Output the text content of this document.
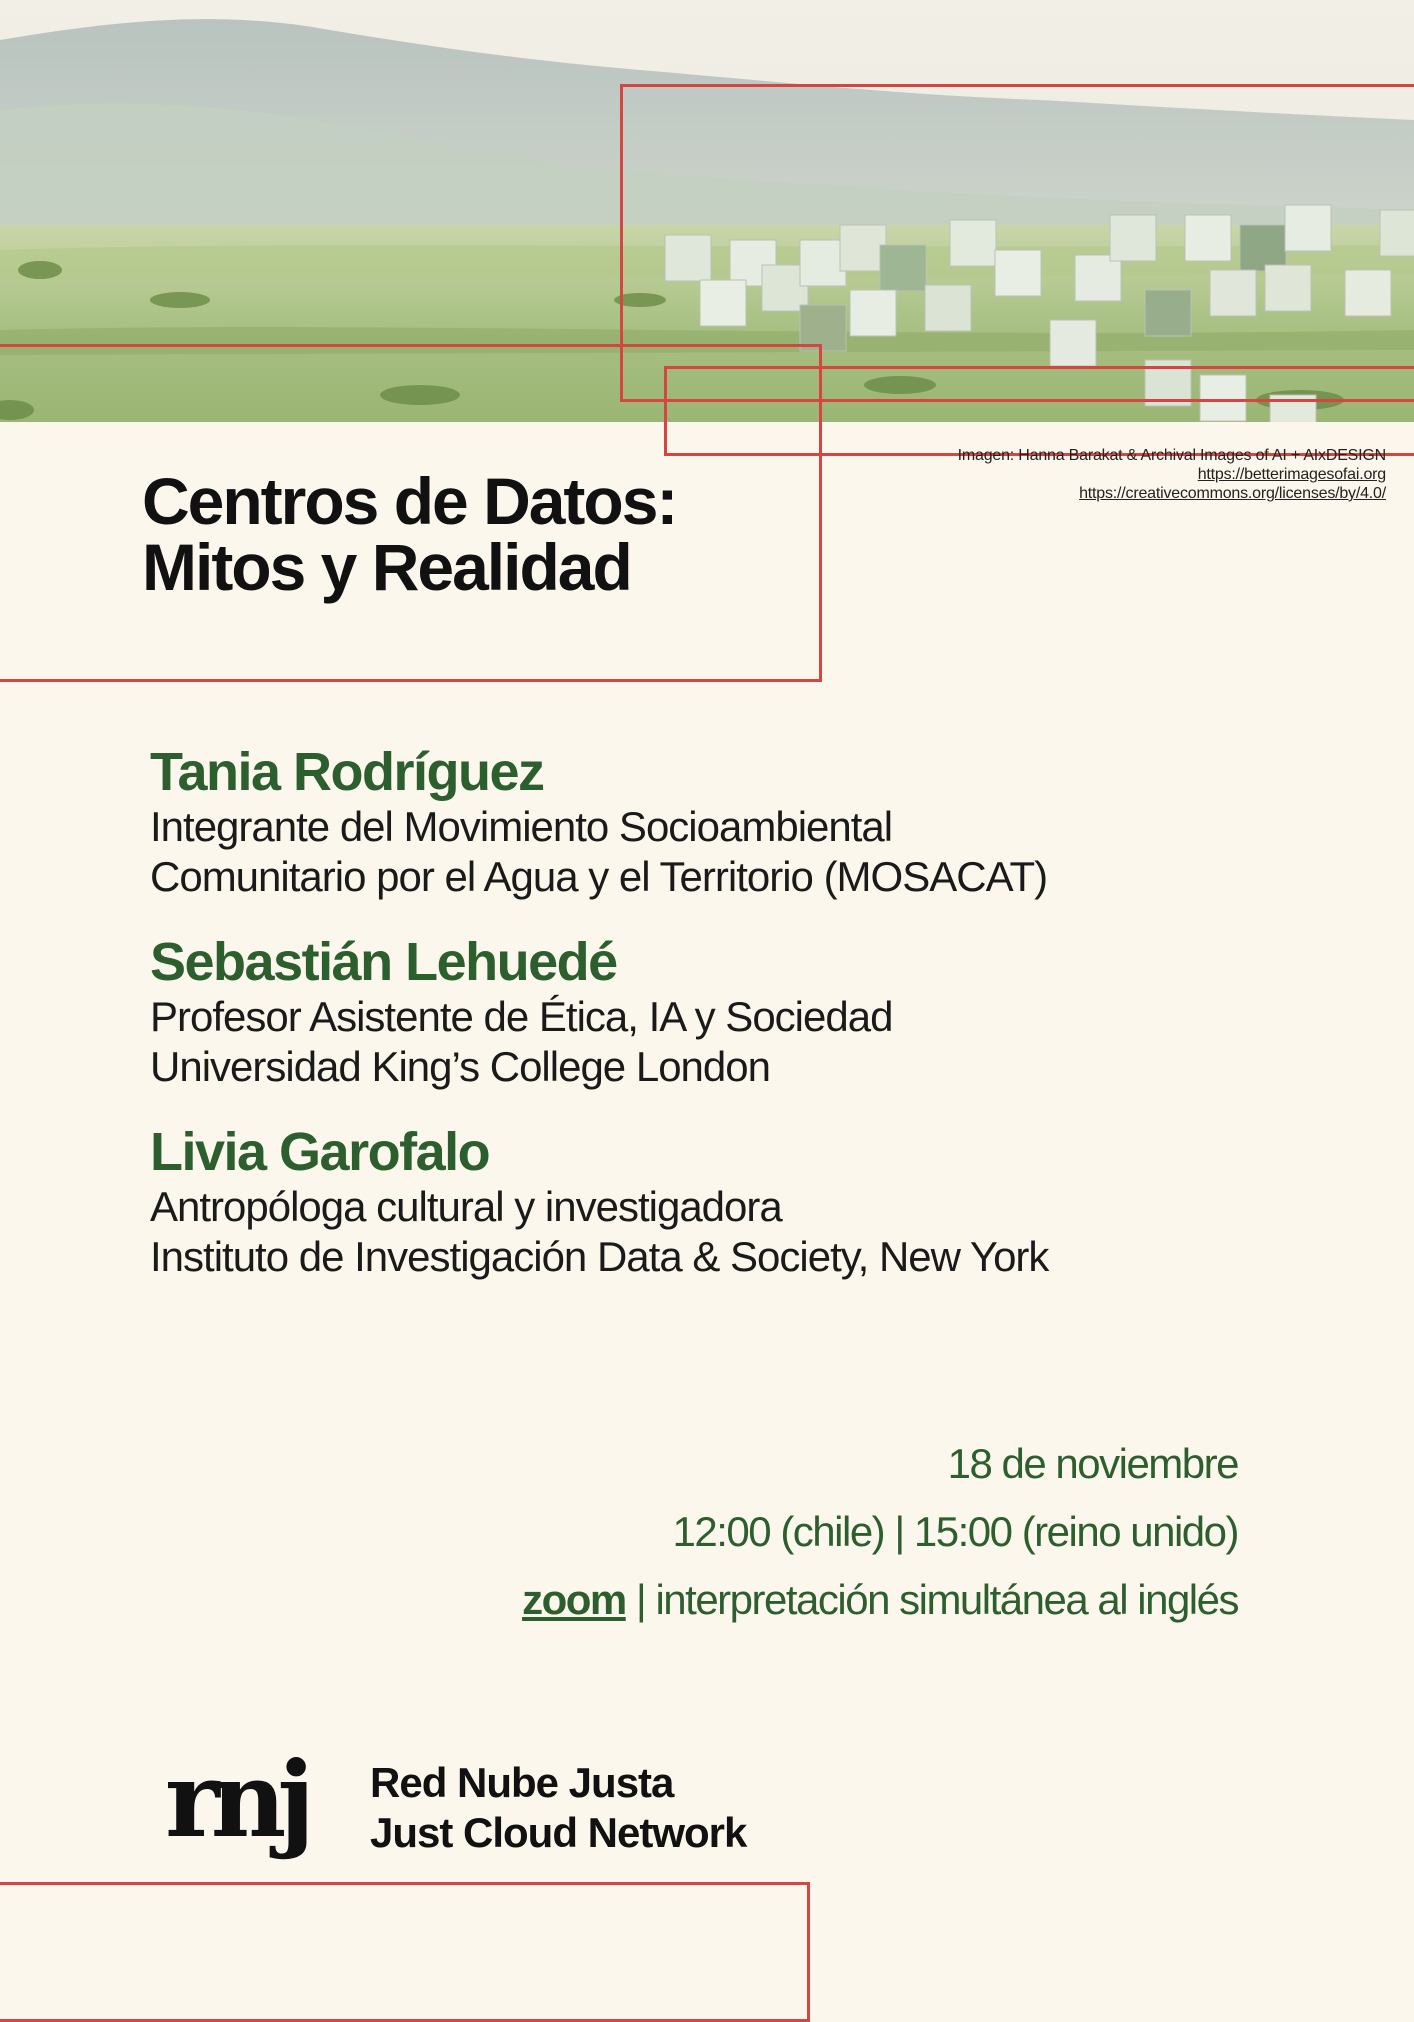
Imagen: Hanna Barakat & Archival Images of AI + AIxDESIGN
https://betterimagesofai.org
https://creativecommons.org/licenses/by/4.0/
Centros de Datos:
Mitos y Realidad
Tania Rodríguez
Integrante del Movimiento Socioambiental
Comunitario por el Agua y el Territorio (MOSACAT)
Sebastián Lehuedé
Profesor Asistente de Ética, IA y Sociedad
Universidad King’s College London
Livia Garofalo
Antropóloga cultural y investigadora
Instituto de Investigación Data & Society, New York
18 de noviembre
12:00 (chile) | 15:00 (reino unido)
zoom | interpretación simultánea al inglés
rnj Red Nube Justa
Just Cloud Network
